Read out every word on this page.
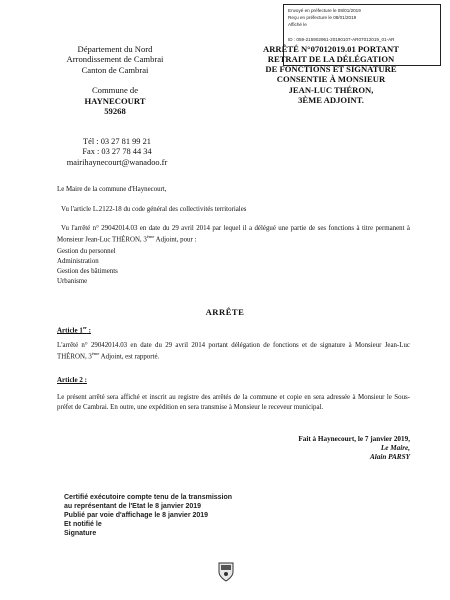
Envoyé en préfecture le 08/01/2019
Reçu en préfecture le 08/01/2019
Affiché le
ID : 059-215902961-20190107-AR07012019_01-AR
Département du Nord
Arrondissement de Cambrai
Canton de Cambrai
Commune de
HAYNECOURT
59268
ARRÊTÉ N°07012019.01 PORTANT
RETRAIT DE LA DÉLÉGATION
DE FONCTIONS ET SIGNATURE
CONSENTIE À MONSIEUR
JEAN-LUC THÉRON,
3ÈME ADJOINT.
Tél : 03 27 81 99 21
Fax : 03 27 78 44 34
mairihaynecourt@wanadoo.fr
Le Maire de la commune d'Haynecourt,
Vu l'article L.2122-18 du code général des collectivités territoriales
Vu l'arrêté n° 29042014.03 en date du 29 avril 2014 par lequel il a délégué une partie de ses fonctions à titre permanent à Monsieur Jean-Luc THÉRON, 3ème Adjoint, pour :
Gestion du personnel
Administration
Gestion des bâtiments
Urbanisme
ARRÊTE
Article 1er :
L'arrêté n° 29042014.03 en date du 29 avril 2014 portant délégation de fonctions et de signature à Monsieur Jean-Luc THÉRON, 3ème Adjoint, est rapporté.
Article 2 :
Le présent arrêté sera affiché et inscrit au registre des arrêtés de la commune et copie en sera adressée à Monsieur le Sous-préfet de Cambrai. En outre, une expédition en sera transmise à Monsieur le receveur municipal.
Fait à Haynecourt, le 7 janvier 2019,
Le Maire,
Alain PARSY
Certifié exécutoire compte tenu de la transmission
au représentant de l'Etat le 8 janvier 2019
Publié par voie d'affichage le 8 janvier 2019
Et notifié le
Signature
